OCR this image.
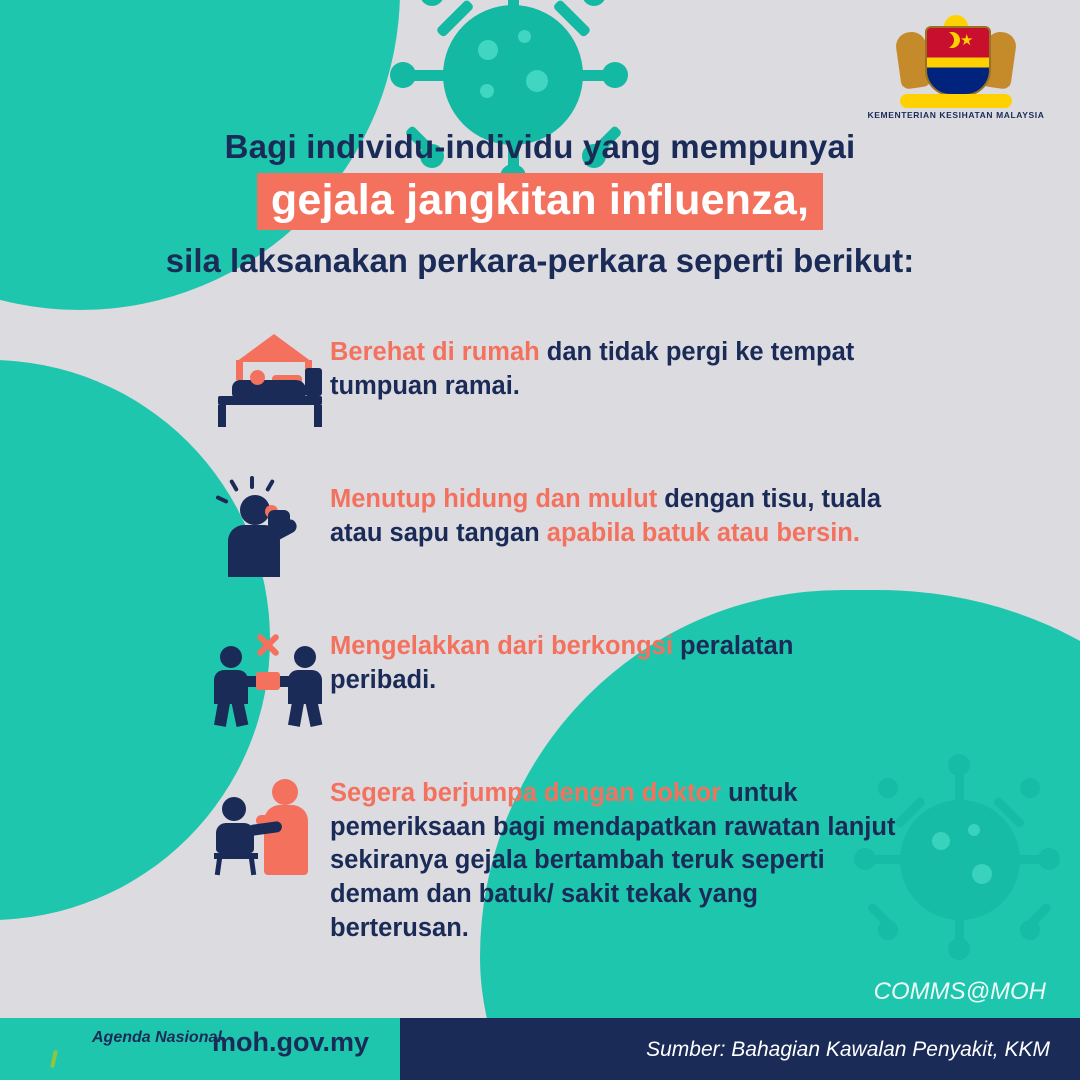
★
KEMENTERIAN KESIHATAN MALAYSIA
Bagi individu-individu yang mempunyai
gejala jangkitan influenza,
sila laksanakan perkara-perkara seperti berikut:
Berehat di rumah dan tidak pergi ke tempat tumpuan ramai.
Menutup hidung dan mulut dengan tisu, tuala atau sapu tangan apabila batuk atau bersin.
Mengelakkan dari berkongsi peralatan peribadi.
Segera berjumpa dengan doktor untuk pemeriksaan bagi mendapatkan rawatan lanjut sekiranya gejala bertambah teruk seperti demam dan batuk/ sakit tekak yang berterusan.
Agenda Nasional
Malaysia Sihat moh.gov.my
COMMS@MOH
Sumber: Bahagian Kawalan Penyakit, KKM
